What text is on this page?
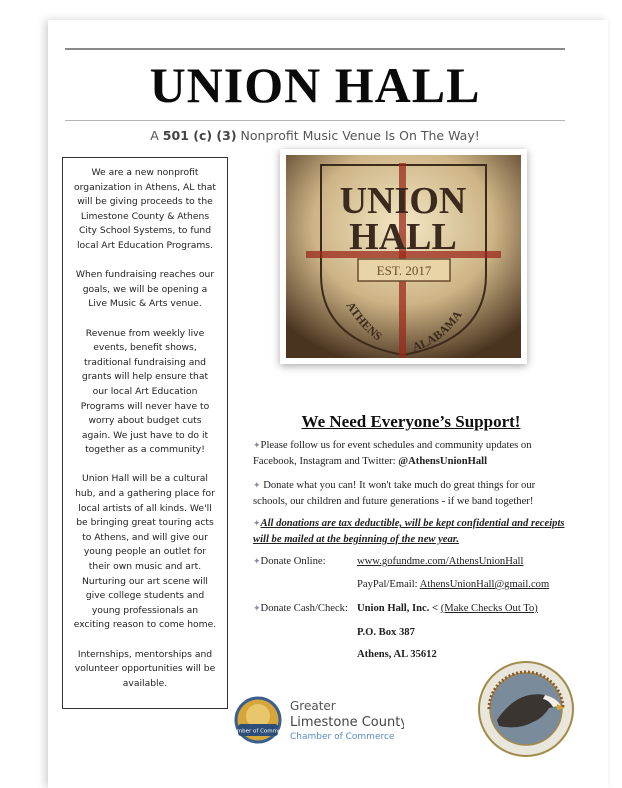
UNION HALL
A 501 (c) (3) Nonprofit Music Venue Is On The Way!

We are a new nonprofit organization in Athens, AL that will be giving proceeds to the Limestone County & Athens City School Systems, to fund local Art Education Programs.

When fundraising reaches our goals, we will be opening a Live Music & Arts venue.

Revenue from weekly live events, benefit shows, traditional fundraising and grants will help ensure that our local Art Education Programs will never have to worry about budget cuts again. We just have to do it together as a community!

Union Hall will be a cultural hub, and a gathering place for local artists of all kinds. We'll be bringing great touring acts to Athens, and will give our young people an outlet for their own music and art. Nurturing our art scene will give college students and young professionals an exciting reason to come home.

Internships, mentorships and volunteer opportunities will be available.

UNION
HALL
EST. 2017
ATHENS
ALABAMA
We Need Everyone’s Support!
✦Please follow us for event schedules and community updates on Facebook, Instagram and Twitter: @AthensUnionHall
✦ Donate what you can! It won't take much do great things for our schools, our children and future generations - if we band together!
✦All donations are tax deductible, will be kept confidential and receipts will be mailed at the beginning of the new year.
✦Donate Online:	www.gofundme.com/AthensUnionHall
PayPal/Email: AthensUnionHall@gmail.com
✦Donate Cash/Check: Union Hall, Inc. < (Make Checks Out To)
P.O. Box 387
Athens, AL 35612
Chamber of Commerce
Greater
Limestone County
Chamber of Commerce
